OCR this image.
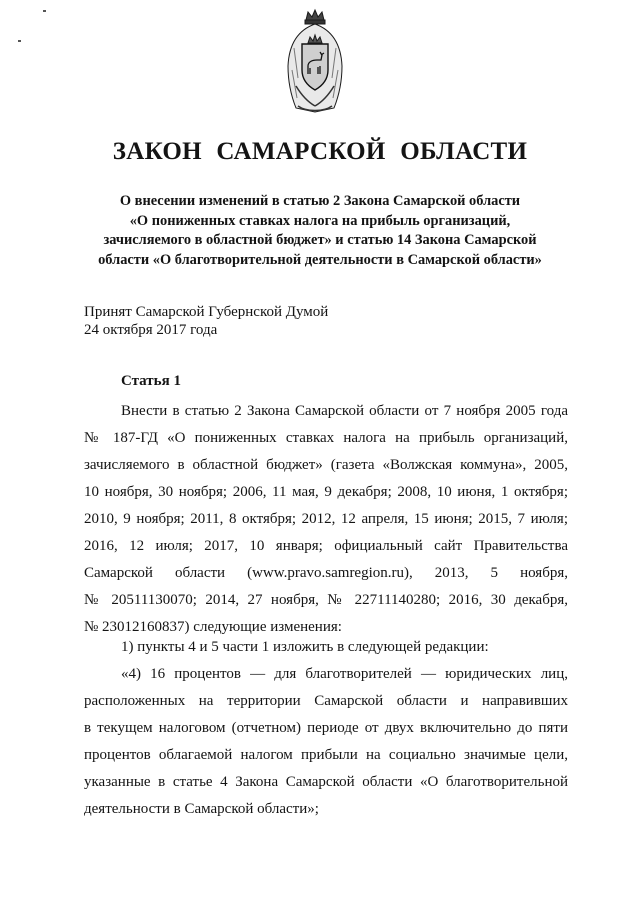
ЗАКОН САМАРСКОЙ ОБЛАСТИ
О внесении изменений в статью 2 Закона Самарской области
«О пониженных ставках налога на прибыль организаций,
зачисляемого в областной бюджет» и статью 14 Закона Самарской
области «О благотворительной деятельности в Самарской области»
Принят Самарской Губернской Думой
24 октября 2017 года
Статья 1
Внести в статью 2 Закона Самарской области от 7 ноября 2005 года
№ 187-ГД «О пониженных ставках налога на прибыль организаций,
зачисляемого в областной бюджет» (газета «Волжская коммуна», 2005,
10 ноября, 30 ноября; 2006, 11 мая, 9 декабря; 2008, 10 июня, 1 октября;
2010, 9 ноября; 2011, 8 октября; 2012, 12 апреля, 15 июня; 2015, 7 июля;
2016, 12 июля; 2017, 10 января; официальный сайт Правительства
Самарской области (www.pravo.samregion.ru), 2013, 5 ноября,
№ 20511130070; 2014, 27 ноября, № 22711140280; 2016, 30 декабря,
№ 23012160837) следующие изменения:
1) пункты 4 и 5 части 1 изложить в следующей редакции:
«4) 16 процентов — для благотворителей — юридических лиц,
расположенных на территории Самарской области и направивших
в текущем налоговом (отчетном) периоде от двух включительно до пяти
процентов облагаемой налогом прибыли на социально значимые цели,
указанные в статье 4 Закона Самарской области «О благотворительной
деятельности в Самарской области»;
